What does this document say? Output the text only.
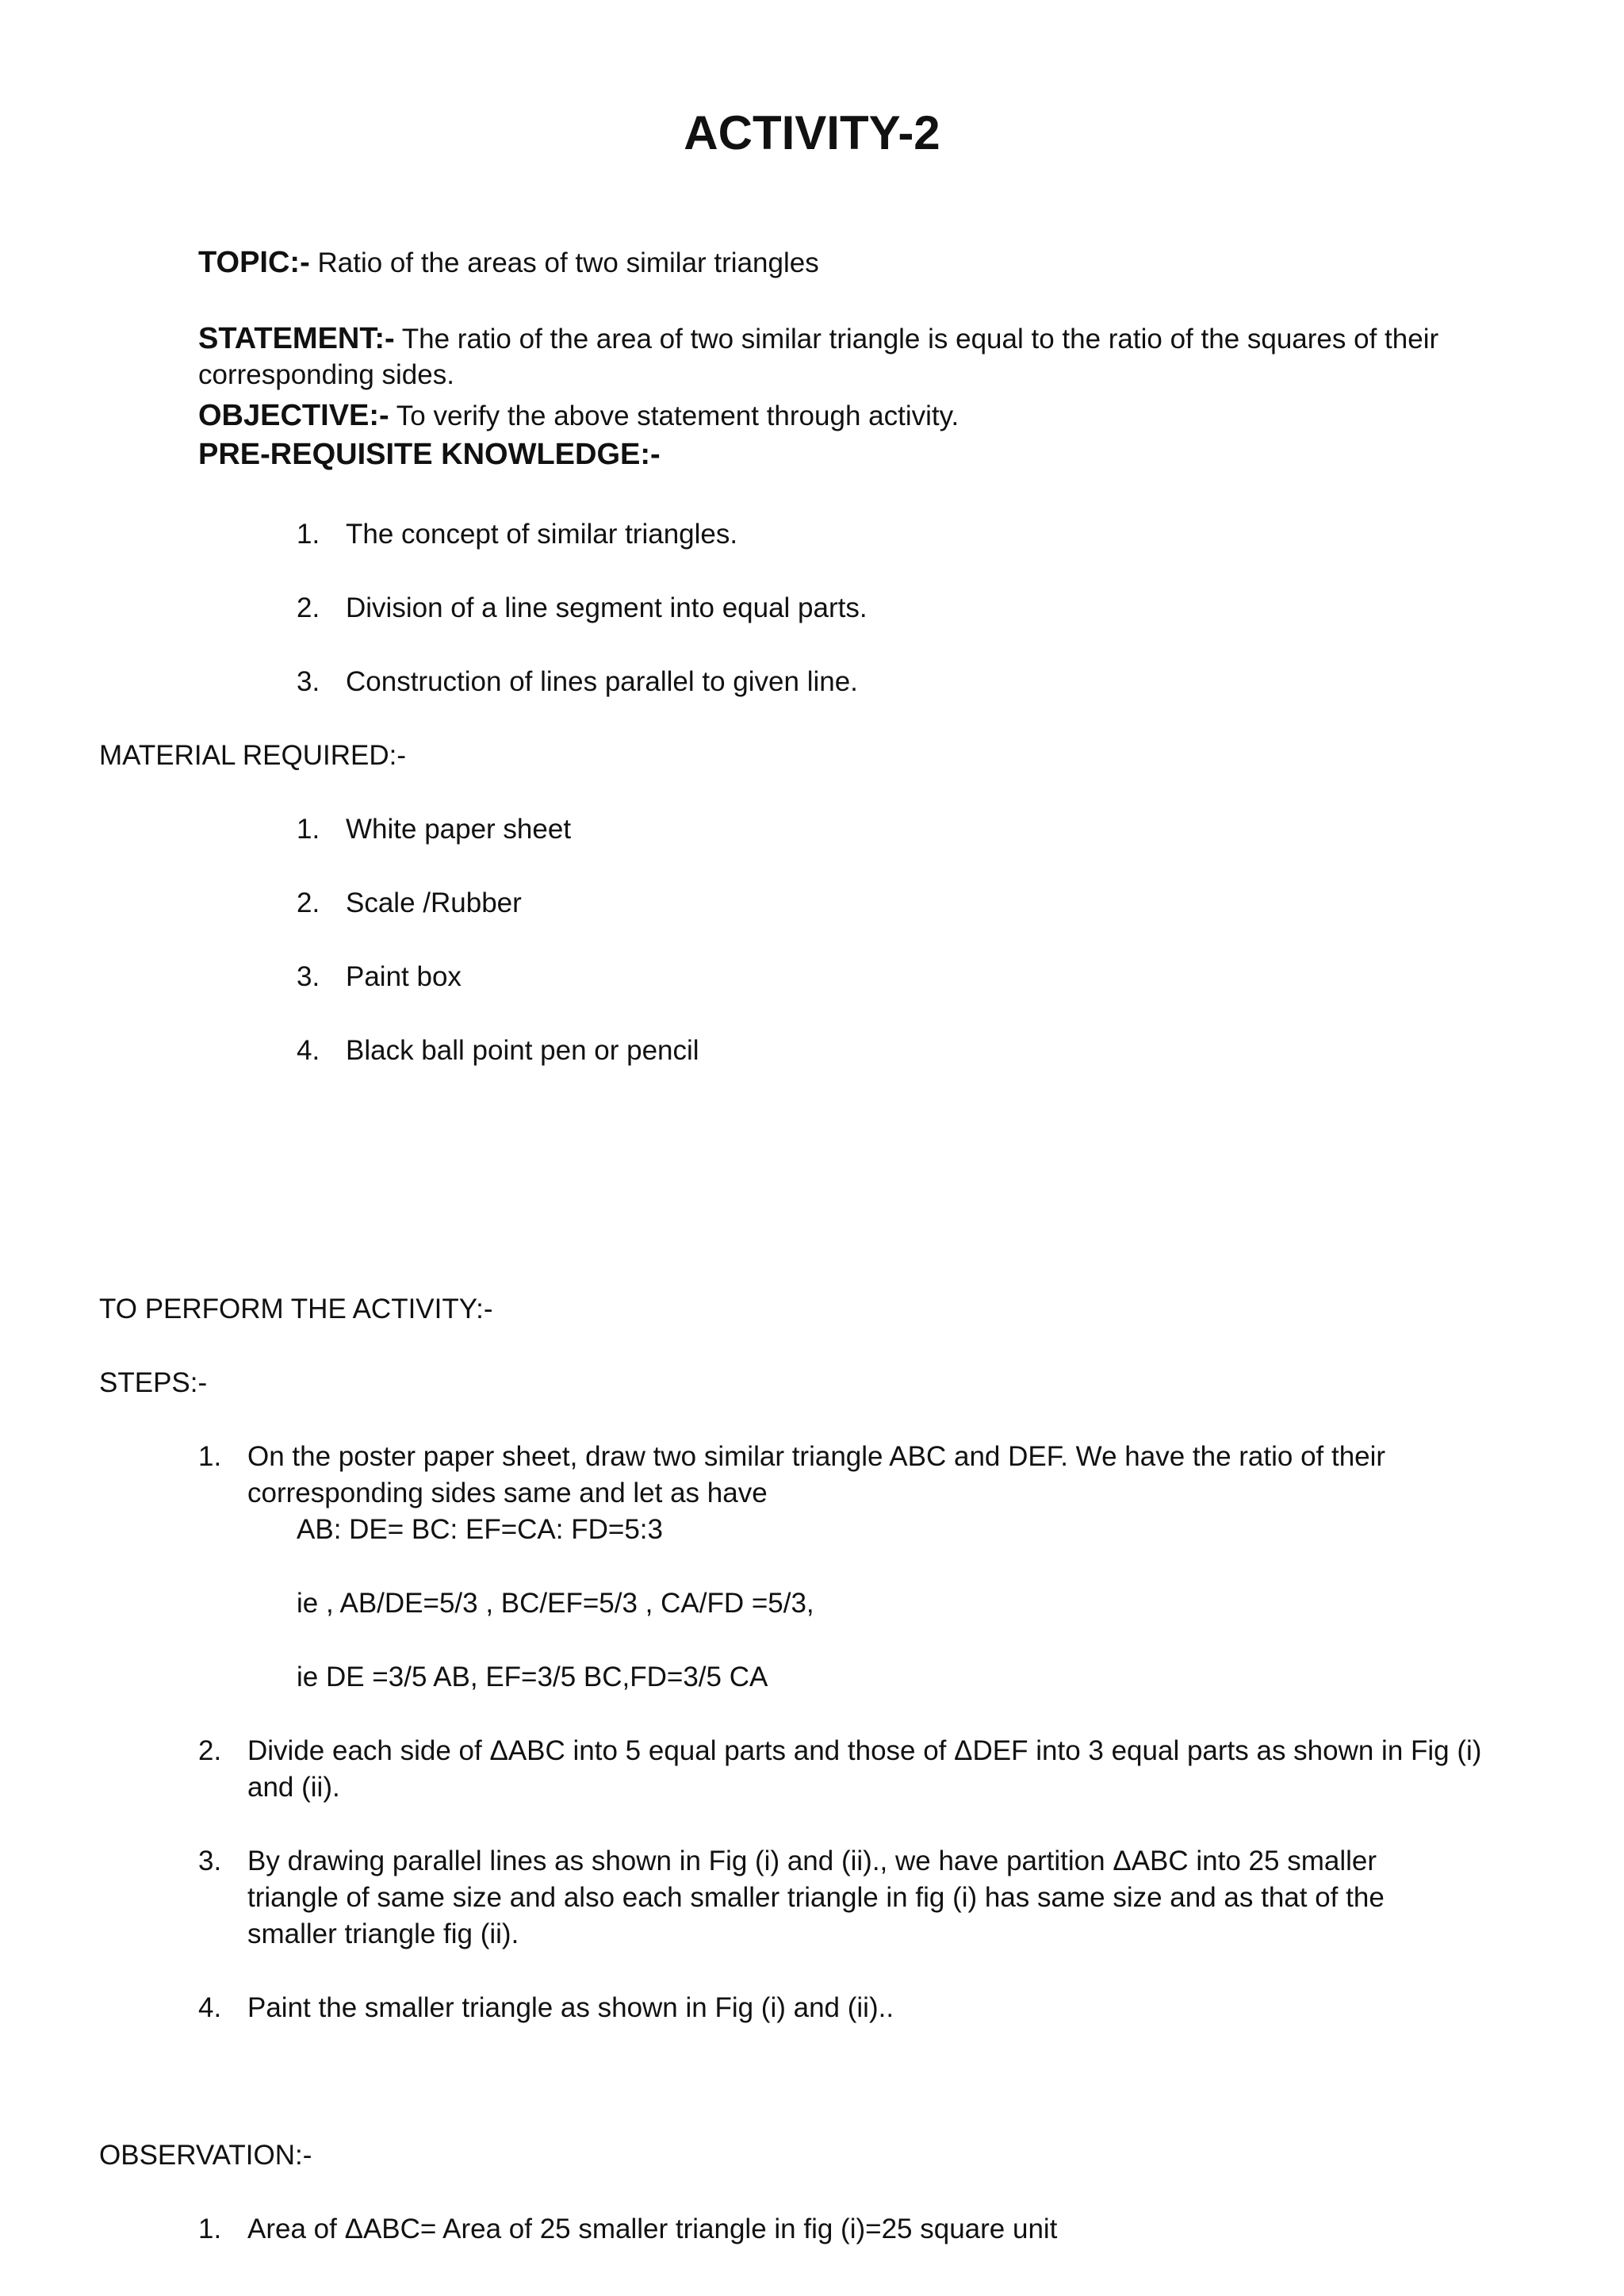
ACTIVITY-2

TOPIC:- Ratio of the areas of two similar triangles

STATEMENT:- The ratio of the area of two similar triangle is equal to the ratio of the squares of their

corresponding sides.

OBJECTIVE:- To verify the above statement through activity.

PRE-REQUISITE KNOWLEDGE:-

1. The concept of similar triangles.

2. Division of a line segment into equal parts.

3. Construction of lines parallel to given line.

MATERIAL REQUIRED:-

1. White paper sheet

2. Scale /Rubber

3. Paint box

4. Black ball point pen or pencil

TO PERFORM THE ACTIVITY:-

STEPS:-

1. On the poster paper sheet, draw two similar triangle ABC and DEF. We have the ratio of their

corresponding sides same and let as have

AB: DE= BC: EF=CA: FD=5:3

ie , AB/DE=5/3 , BC/EF=5/3 , CA/FD =5/3,

ie DE =3/5 AB, EF=3/5 BC,FD=3/5 CA

2. Divide each side of ΔABC into 5 equal parts and those of ΔDEF into 3 equal parts as shown in Fig (i)

and (ii).

3. By drawing parallel lines as shown in Fig (i) and (ii)., we have partition ΔABC into 25 smaller

triangle of same size and also each smaller triangle in fig (i) has same size and as that of the

smaller triangle fig (ii).

4. Paint the smaller triangle as shown in Fig (i) and (ii)..

OBSERVATION:-

1. Area of ΔABC= Area of 25 smaller triangle in fig (i)=25 square unit
